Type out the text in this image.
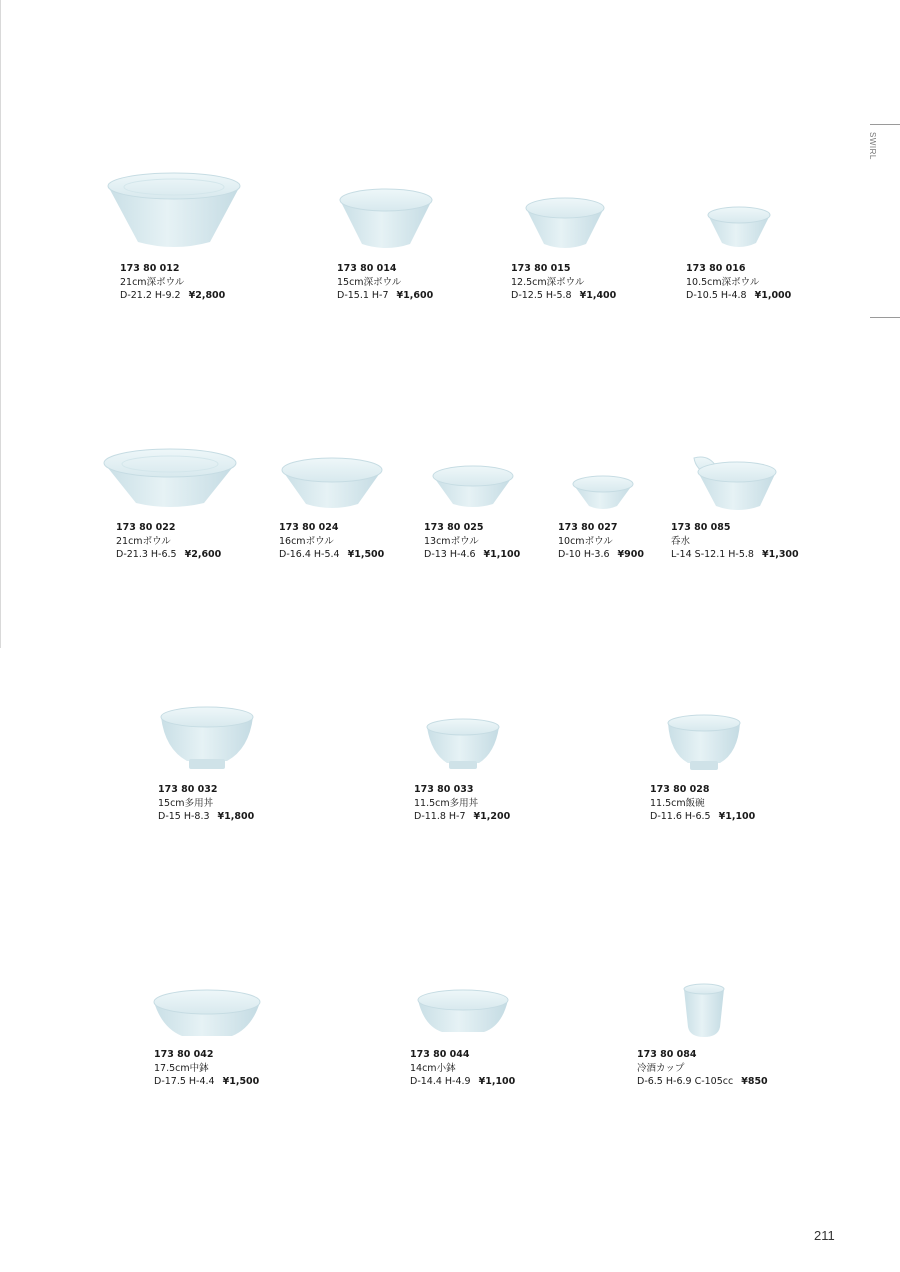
SWIRL
173 80 012
21cm深ボウル
D-21.2 H-9.2 ¥2,800
173 80 014
15cm深ボウル
D-15.1 H-7 ¥1,600
173 80 015
12.5cm深ボウル
D-12.5 H-5.8 ¥1,400
173 80 016
10.5cm深ボウル
D-10.5 H-4.8 ¥1,000
173 80 022
21cmボウル
D-21.3 H-6.5 ¥2,600
173 80 024
16cmボウル
D-16.4 H-5.4 ¥1,500
173 80 025
13cmボウル
D-13 H-4.6 ¥1,100
173 80 027
10cmボウル
D-10 H-3.6 ¥900
173 80 085
呑水
L-14 S-12.1 H-5.8 ¥1,300
173 80 032
15cm多用丼
D-15 H-8.3 ¥1,800
173 80 033
11.5cm多用丼
D-11.8 H-7 ¥1,200
173 80 028
11.5cm飯碗
D-11.6 H-6.5 ¥1,100
173 80 042
17.5cm中鉢
D-17.5 H-4.4 ¥1,500
173 80 044
14cm小鉢
D-14.4 H-4.9 ¥1,100
173 80 084
冷酒カップ
D-6.5 H-6.9 C-105cc ¥850
211
